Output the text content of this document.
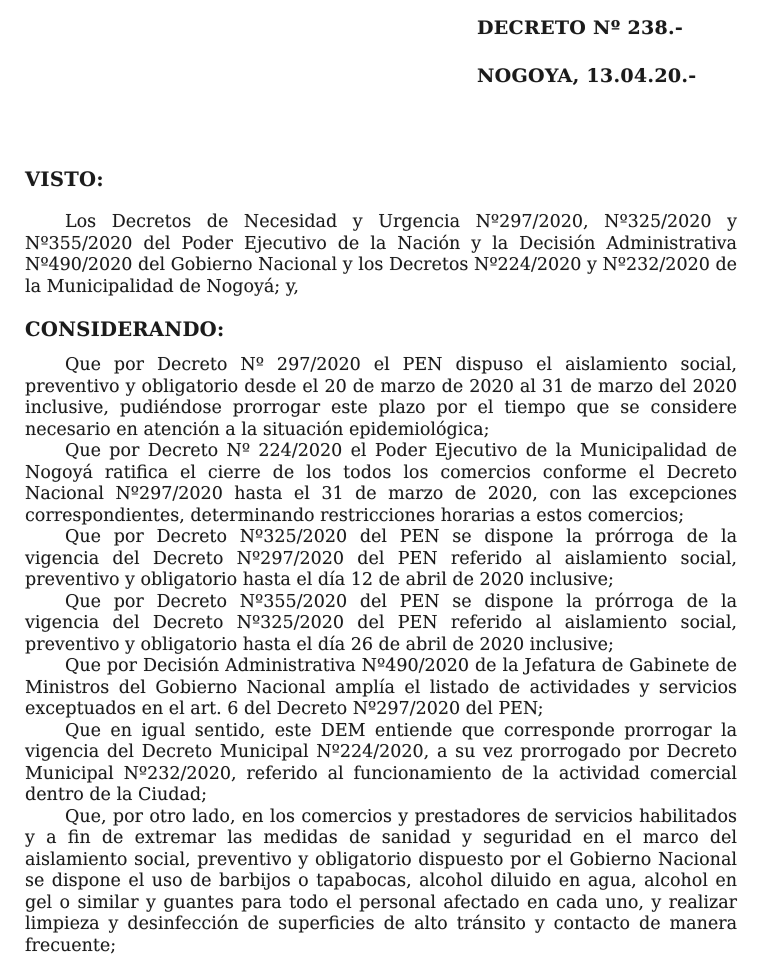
DECRETO Nº 238.-
NOGOYA, 13.04.20.-
VISTO:

Los Decretos de Necesidad y Urgencia Nº297/2020, Nº325/2020 y Nº355/2020 del Poder Ejecutivo de la Nación y la Decisión Administrativa Nº490/2020 del Gobierno Nacional y los Decretos Nº224/2020 y Nº232/2020 de la Municipalidad de Nogoyá; y,

CONSIDERANDO:

Que por Decreto Nº 297/2020 el PEN dispuso el aislamiento social, preventivo y obligatorio desde el 20 de marzo de 2020 al 31 de marzo del 2020 inclusive, pudiéndose prorrogar este plazo por el tiempo que se considere necesario en atención a la situación epidemiológica;

Que por Decreto Nº 224/2020 el Poder Ejecutivo de la Municipalidad de Nogoyá ratifica el cierre de los todos los comercios conforme el Decreto Nacional Nº297/2020 hasta el 31 de marzo de 2020, con las excepciones correspondientes, determinando restricciones horarias a estos comercios;

Que por Decreto Nº325/2020 del PEN se dispone la prórroga de la vigencia del Decreto Nº297/2020 del PEN referido al aislamiento social, preventivo y obligatorio hasta el día 12 de abril de 2020 inclusive;

Que por Decreto Nº355/2020 del PEN se dispone la prórroga de la vigencia del Decreto Nº325/2020 del PEN referido al aislamiento social, preventivo y obligatorio hasta el día 26 de abril de 2020 inclusive;

Que por Decisión Administrativa Nº490/2020 de la Jefatura de Gabinete de Ministros del Gobierno Nacional amplía el listado de actividades y servicios exceptuados en el art. 6 del Decreto Nº297/2020 del PEN;

Que en igual sentido, este DEM entiende que corresponde prorrogar la vigencia del Decreto Municipal Nº224/2020, a su vez prorrogado por Decreto Municipal Nº232/2020, referido al funcionamiento de la actividad comercial dentro de la Ciudad;

Que, por otro lado, en los comercios y prestadores de servicios habilitados y a fin de extremar las medidas de sanidad y seguridad en el marco del aislamiento social, preventivo y obligatorio dispuesto por el Gobierno Nacional se dispone el uso de barbijos o tapabocas, alcohol diluido en agua, alcohol en gel o similar y guantes para todo el personal afectado en cada uno, y realizar limpieza y desinfección de superficies de alto tránsito y contacto de manera frecuente;
